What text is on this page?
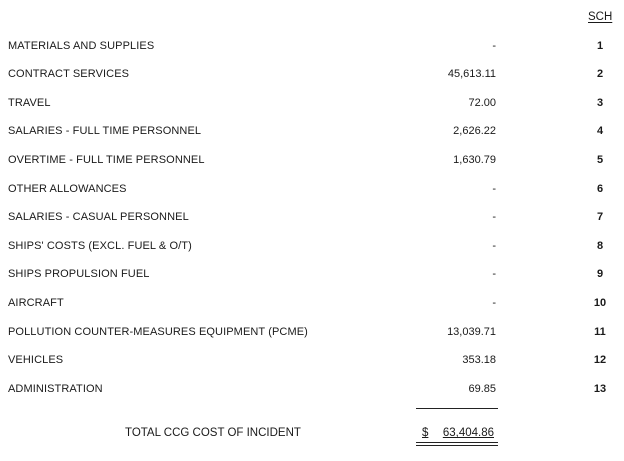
SCH
MATERIALS AND SUPPLIES	-	1
CONTRACT SERVICES	45,613.11	2
TRAVEL	72.00	3
SALARIES - FULL TIME PERSONNEL	2,626.22	4
OVERTIME - FULL TIME PERSONNEL	1,630.79	5
OTHER ALLOWANCES	-	6
SALARIES - CASUAL PERSONNEL	-	7
SHIPS' COSTS (EXCL. FUEL & O/T)	-	8
SHIPS PROPULSION FUEL	-	9
AIRCRAFT	-	10
POLLUTION COUNTER-MEASURES EQUIPMENT (PCME)	13,039.71	11
VEHICLES	353.18	12
ADMINISTRATION	69.85	13
TOTAL CCG COST OF INCIDENT	$ 63,404.86
